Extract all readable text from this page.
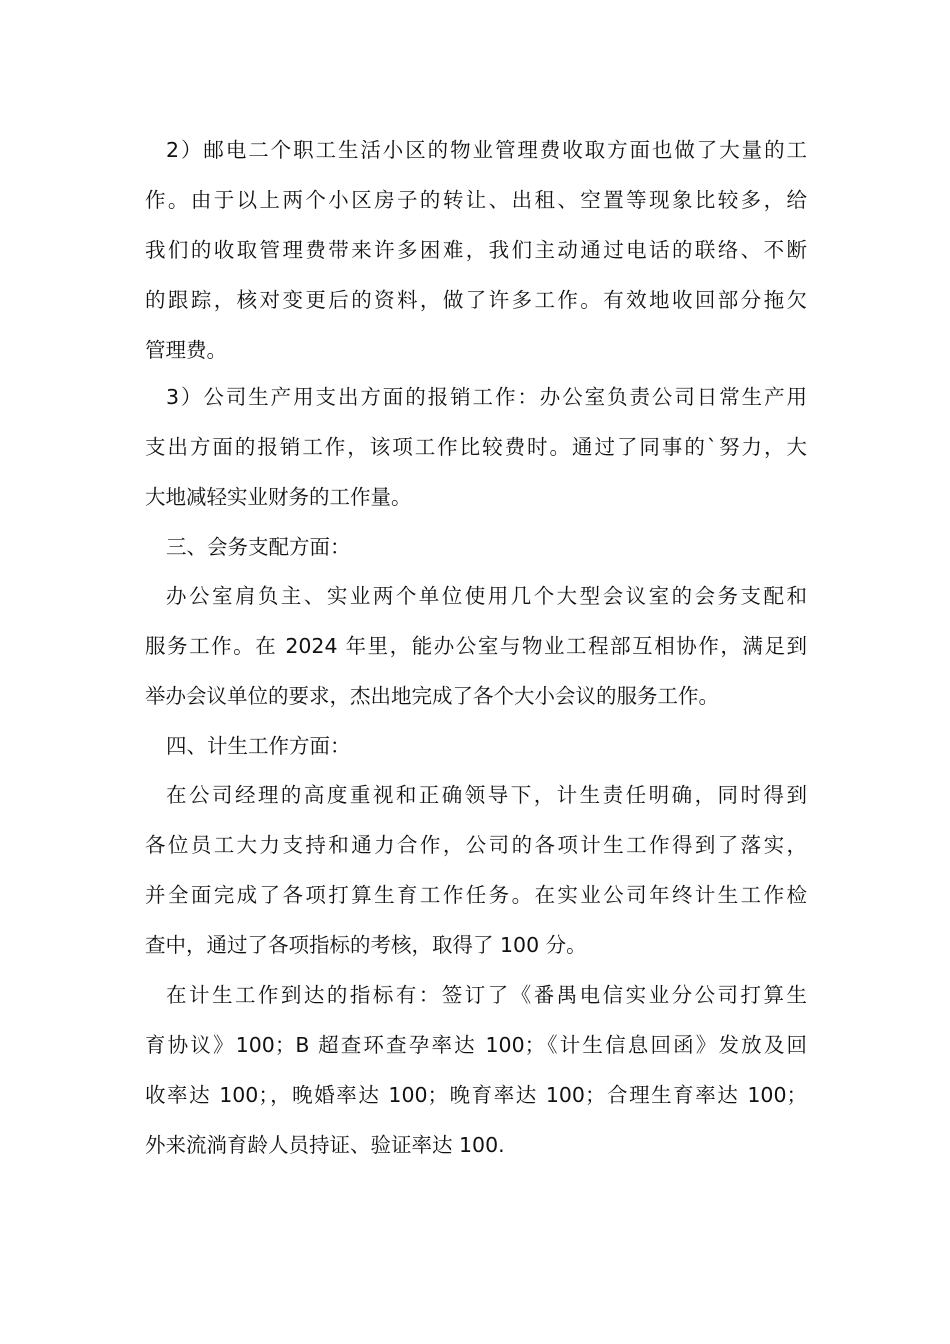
2）邮电二个职工生活小区的物业管理费收取方面也做了大量的工
作。由于以上两个小区房子的转让、出租、空置等现象比较多，给
我们的收取管理费带来许多困难，我们主动通过电话的联络、不断
的跟踪，核对变更后的资料，做了许多工作。有效地收回部分拖欠
管理费。
3）公司生产用支出方面的报销工作：办公室负责公司日常生产用
支出方面的报销工作，该项工作比较费时。通过了同事的`努力，大
大地减轻实业财务的工作量。
三、会务支配方面：
办公室肩负主、实业两个单位使用几个大型会议室的会务支配和
服务工作。在 2024 年里，能办公室与物业工程部互相协作，满足到
举办会议单位的要求，杰出地完成了各个大小会议的服务工作。
四、计生工作方面：
在公司经理的高度重视和正确领导下，计生责任明确，同时得到
各位员工大力支持和通力合作，公司的各项计生工作得到了落实，
并全面完成了各项打算生育工作任务。在实业公司年终计生工作检
查中，通过了各项指标的考核，取得了 100 分。
在计生工作到达的指标有：签订了《番禺电信实业分公司打算生
育协议》100；B 超查环查孕率达 100；《计生信息回函》发放及回
收率达 100；，晚婚率达 100；晚育率达 100；合理生育率达 100；
外来流淌育龄人员持证、验证率达 100.
